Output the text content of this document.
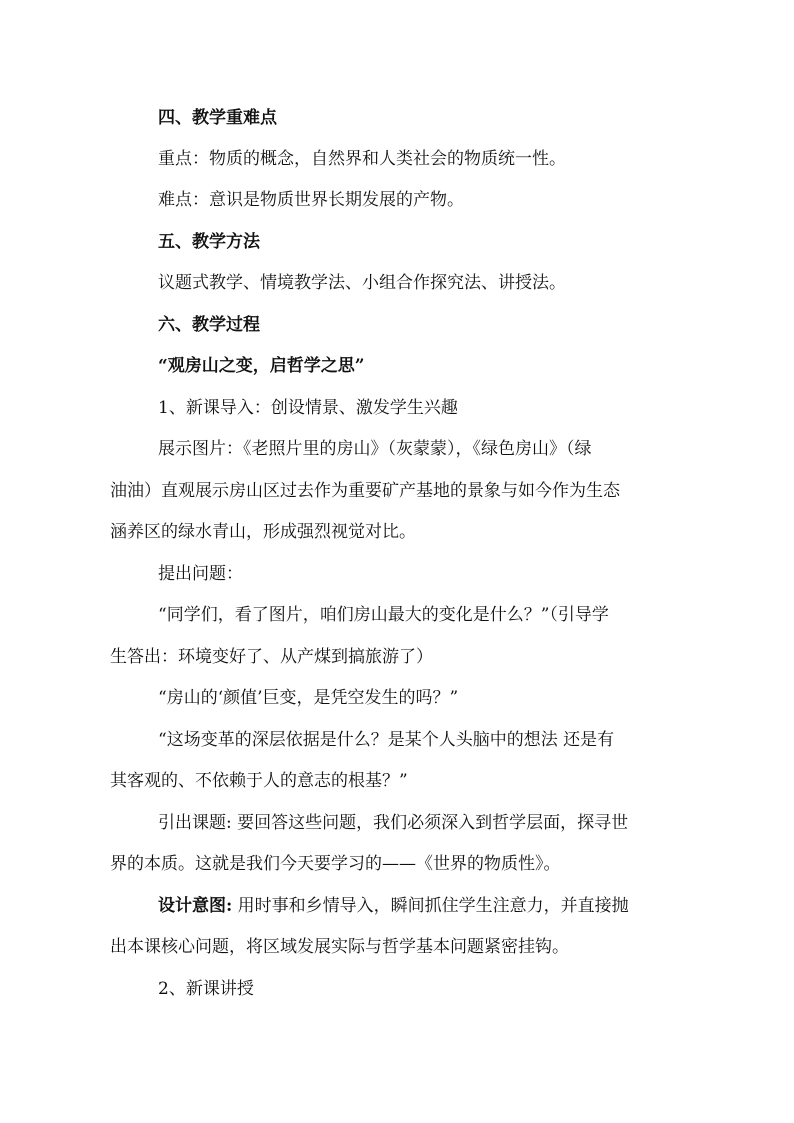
四、教学重难点
重点：物质的概念，自然界和人类社会的物质统一性。
难点：意识是物质世界长期发展的产物。
五、教学方法
议题式教学、情境教学法、小组合作探究法、讲授法。
六、教学过程
“观房山之变，启哲学之思”
1、新课导入：创设情景、激发学生兴趣
展示图片：《老照片里的房山》（灰蒙蒙），《绿色房山》（绿
油油）直观展示房山区过去作为重要矿产基地的景象与如今作为生态
涵养区的绿水青山，形成强烈视觉对比。
提出问题：
“同学们，看了图片，咱们房山最大的变化是什么？”（引导学
生答出：环境变好了、从产煤到搞旅游了）
“房山的‘颜值’巨变，是凭空发生的吗？”
“这场变革的深层依据是什么？是某个人头脑中的想法 还是有
其客观的、不依赖于人的意志的根基？”
引出课题: 要回答这些问题，我们必须深入到哲学层面，探寻世
界的本质。这就是我们今天要学习的——《世界的物质性》。
设计意图: 用时事和乡情导入，瞬间抓住学生注意力，并直接抛
出本课核心问题，将区域发展实际与哲学基本问题紧密挂钩。
2、新课讲授
